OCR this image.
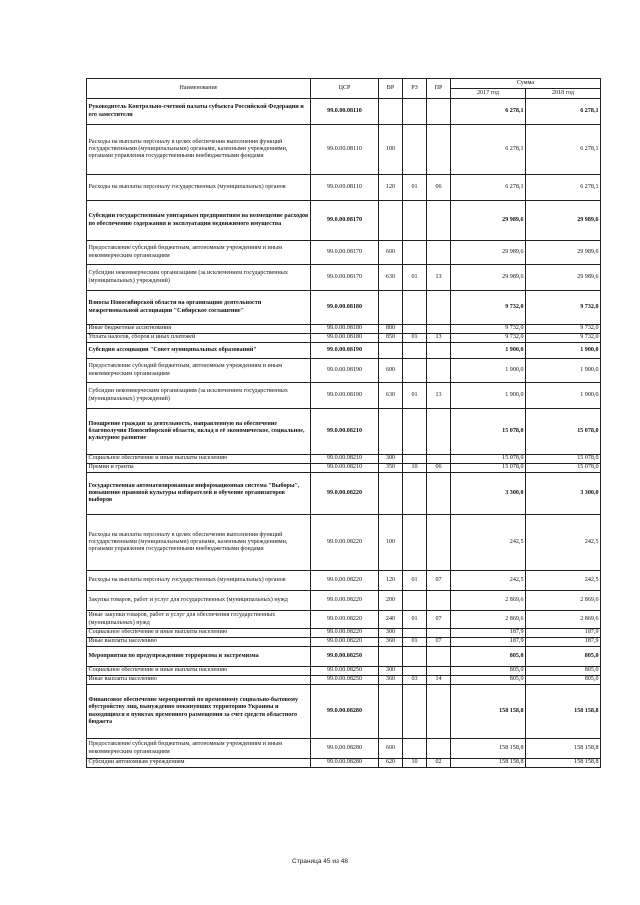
Наименование	ЦСР	ВР	РЗ	ПР	Сумма	
					2017 год	2018 год
Руководитель Контрольно-счетной палаты субъекта Российской Федерации и его заместители	99.0.00.08110				6 278,1	6 278,1
Расходы на выплаты персоналу в целях обеспечения выполнения функций государственными (муниципальными) органами, казенными учреждениями, органами управления государственными внебюджетными фондами	99.0.00.08110	100			6 278,1	6 278,1
Расходы на выплаты персоналу государственных (муниципальных) органов	99.0.00.08110	120	01	06	6 278,1	6 278,1
Субсидии государственным унитарным предприятиям на возмещение расходов по обеспечению содержания и эксплуатации недвижимого имущества	99.0.00.08170				29 989,6	29 989,6
Предоставление субсидий бюджетным, автономным учреждениям и иным некоммерческим организациям	99.0.00.08170	600			29 989,6	29 989,6
Субсидии некоммерческим организациям (за исключением государственных (муниципальных) учреждений)	99.0.00.08170	630	01	13	29 989,6	29 989,6
Взносы Новосибирской области на организацию деятельности межрегиональной ассоциации "Сибирское соглашение"	99.0.00.08180				9 732,0	9 732,0
Иные бюджетные ассигнования	99.0.00.08180	800			9 732,0	9 732,0
Уплата налогов, сборов и иных платежей	99.0.00.08180	850	01	13	9 732,0	9 732,0
Субсидия ассоциации "Совет муниципальных образований"	99.0.00.08190				1 900,0	1 900,0
Предоставление субсидий бюджетным, автономным учреждениям и иным некоммерческим организациям	99.0.00.08190	600			1 900,0	1 900,0
Субсидии некоммерческим организациям (за исключением государственных (муниципальных) учреждений)	99.0.00.08190	630	01	13	1 900,0	1 900,0
Поощрение граждан за деятельность, направленную на обеспечение благополучия Новосибирской области, вклад в её экономическое, социальное, культурное развитие	99.0.00.08210				15 078,0	15 078,0
Социальное обеспечение и иные выплаты населению	99.0.00.08210	300			15 078,0	15 078,0
Премии и гранты	99.0.00.08210	350	10	06	15 078,0	15 078,0
Государственная автоматизированная информационная система "Выборы", повышение правовой культуры избирателей и обучение организаторов выборов	99.0.00.08220				3 300,0	3 300,0
Расходы на выплаты персоналу в целях обеспечения выполнения функций государственными (муниципальными) органами, казенными учреждениями, органами управления государственными внебюджетными фондами	99.0.00.08220	100			242,5	242,5
Расходы на выплаты персоналу государственных (муниципальных) органов	99.0.00.08220	120	01	07	242,5	242,5
Закупка товаров, работ и услуг для государственных (муниципальных) нужд	99.0.00.08220	200			2 869,6	2 869,6
Иные закупки товаров, работ и услуг для обеспечения государственных (муниципальных) нужд	99.0.00.08220	240	01	07	2 869,6	2 869,6
Социальное обеспечение и иные выплаты населению	99.0.00.08220	300			187,9	187,9
Иные выплаты населению	99.0.00.08220	360	01	07	187,9	187,9
Мероприятия по предупреждению терроризма и экстремизма	99.0.00.08250				805,0	805,0
Социальное обеспечение и иные выплаты населению	99.0.00.08250	300			805,0	805,0
Иные выплаты населению	99.0.00.08250	360	03	14	805,0	805,0
Финансовое обеспечение мероприятий по временному социально-бытовому обустройству лиц, вынужденно покинувших территорию Украины и находящихся в пунктах временного размещения за счет средств областного бюджета	99.0.00.08280				158 158,8	158 158,8
Предоставление субсидий бюджетным, автономным учреждениям и иным некоммерческим организациям	99.0.00.08280	600			158 158,8	158 158,8
Субсидии автономным учреждениям	99.0.00.08280	620	10	02	158 158,8	158 158,8
Страница 45 из 48
